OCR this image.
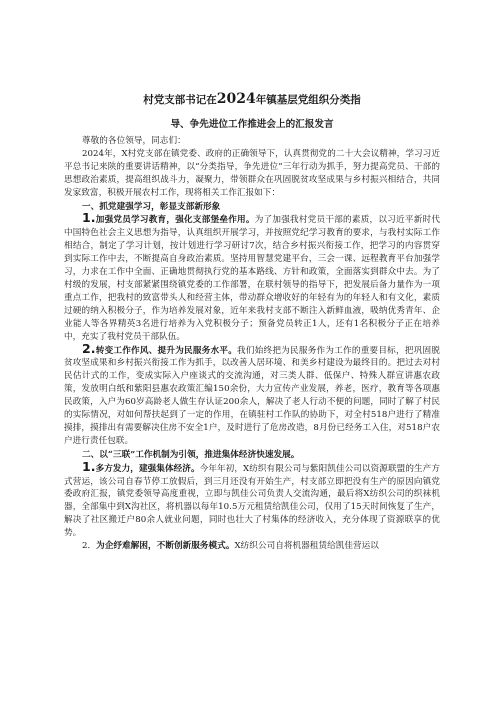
村党支部书记在2024年镇基层党组织分类指
导、争先进位工作推进会上的汇报发言

尊敬的各位领导，同志们：

2024年，X村党支部在镇党委、政府的正确领导下，认真贯彻党的二十大会议精神，学习习近平总书记来陕的重要讲话精神，以“分类指导，争先进位”三年行动为抓手，努力提高党员、干部的思想政治素质，提高组织战斗力，凝聚力，带领群众在巩固脱贫攻坚成果与乡村振兴相结合，共同发家致富，积极开展农村工作，现将相关工作汇报如下：

一、抓党建强学习，彰显支部新形象

1.加强党员学习教育，强化支部堡垒作用。为了加强我村党员干部的素质，以习近平新时代中国特色社会主义思想为指导，认真组织开展学习，并按照党纪学习教育的要求，与我村实际工作相结合，制定了学习计划，按计划进行学习研讨7次，结合乡村振兴衔接工作，把学习的内容贯穿到实际工作中去，不断提高自身政治素质。坚持用智慧党建平台，三会一课、远程教育平台加强学习，力求在工作中全面、正确地贯彻执行党的基本路线、方针和政策，全面落实到群众中去。为了村级的发展，村支部紧紧围绕镇党委的工作部署，在联村领导的指导下，把发展后备力量作为一项重点工作，把我村的致富带头人和经营主体，带动群众增收好的年轻有为的年轻人和有文化，素质过硬的纳入积极分子，作为培养发展对象，近年来我村支部不断注入新鲜血液，吸纳优秀青年、企业能人等各界精英3名进行培养为入党积极分子；预备党员转正1人，还有1名积极分子正在培养中，充实了我村党员干部队伍。

2.转变工作作风、提升为民服务水平。我们始终把为民服务作为工作的重要目标，把巩固脱贫攻坚成果和乡村振兴衔接工作为抓手，以改善人居环境、和美乡村建设为最终目的。把过去对村民估计式的工作，变成实际入户座谈式的交流沟通，对三类人群、低保户、特殊人群宣讲惠农政策，发放明白纸和紫阳县惠农政策汇编150余份，大力宣传产业发展，养老，医疗，教育等各项惠民政策，入户为60岁高龄老人做生存认证200余人，解决了老人行动不便的问题，同时了解了村民的实际情况，对如何帮扶起到了一定的作用，在镇驻村工作队的协助下，对全村518户进行了精准摸排，摸排出有需要解决住房不安全1户，及时进行了危房改造，8月份已经务工入住，对518户农户进行责任包联。

二、以“三联”工作机制为引领，推进集体经济快速发展。

1.多方发力，建强集体经济。今年年初，X纺织有限公司与紫阳凯佳公司以资源联盟的生产方式营运，该公司自春节停工放假后，到三月还没有开始生产，村支部立即把没有生产的原因向镇党委政府汇报，镇党委领导高度重视，立即与凯佳公司负责人交流沟通，最后将X纺织公司的织袜机器，全部集中到X沟社区，将机器以每年10.5万元租赁给凯佳公司，仅用了15天时间恢复了生产，解决了社区搬迁户80余人就业问题，同时也壮大了村集体的经济收入，充分体现了资源联享的优势。

2．为企纾难解困，不断创新服务模式。X纺织公司自将机器租赁给凯佳营运以
